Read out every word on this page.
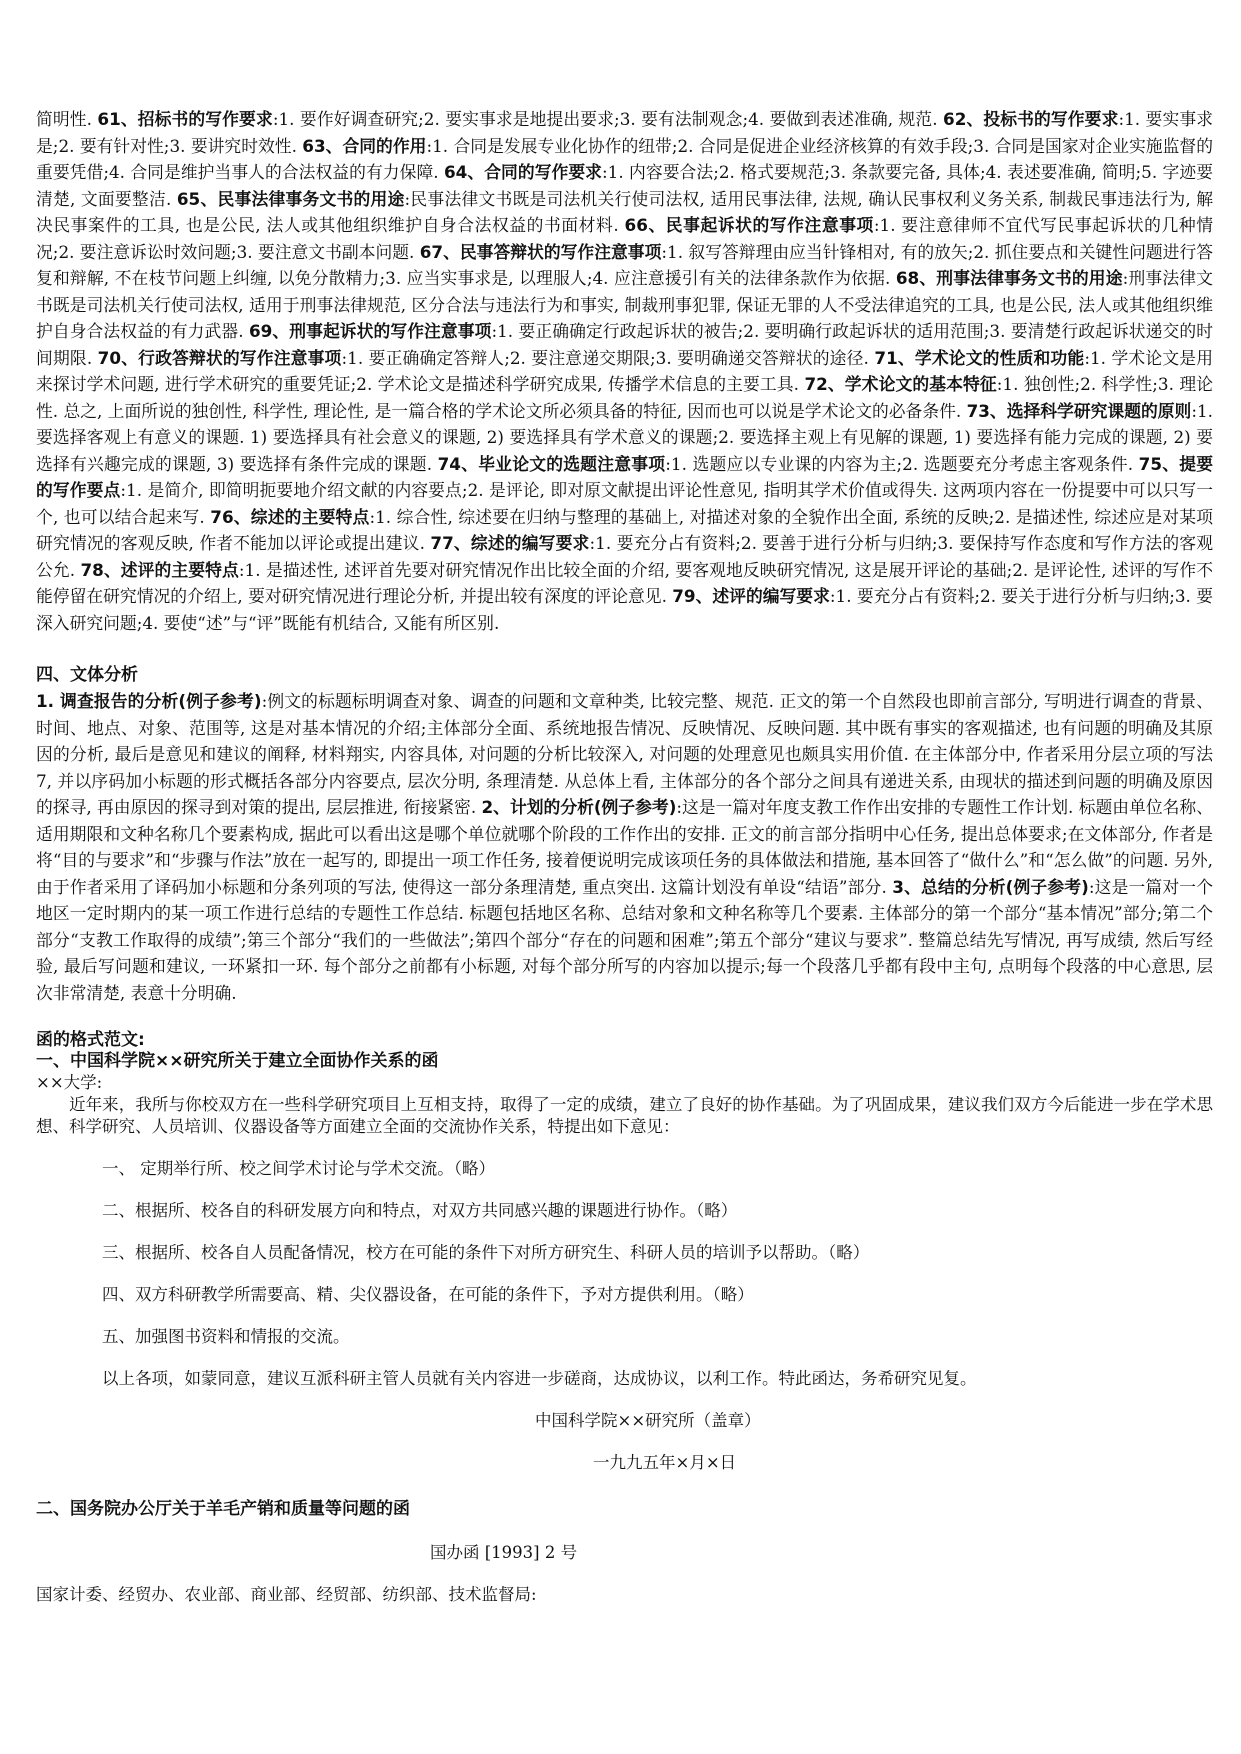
简明性. 61、招标书的写作要求:1. 要作好调查研究;2. 要实事求是地提出要求;3. 要有法制观念;4. 要做到表述准确, 规范. 62、投标书的写作要求:1. 要实事求是;2. 要有针对性;3. 要讲究时效性. 63、合同的作用:1. 合同是发展专业化协作的纽带;2. 合同是促进企业经济核算的有效手段;3. 合同是国家对企业实施监督的重要凭借;4. 合同是维护当事人的合法权益的有力保障. 64、合同的写作要求:1. 内容要合法;2. 格式要规范;3. 条款要完备, 具体;4. 表述要准确, 简明;5. 字迹要清楚, 文面要整洁. 65、民事法律事务文书的用途:民事法律文书既是司法机关行使司法权, 适用民事法律, 法规, 确认民事权利义务关系, 制裁民事违法行为, 解决民事案件的工具, 也是公民, 法人或其他组织维护自身合法权益的书面材料. 66、民事起诉状的写作注意事项:1. 要注意律师不宜代写民事起诉状的几种情况;2. 要注意诉讼时效问题;3. 要注意文书副本问题. 67、民事答辩状的写作注意事项:1. 叙写答辩理由应当针锋相对, 有的放矢;2. 抓住要点和关键性问题进行答复和辩解, 不在枝节问题上纠缠, 以免分散精力;3. 应当实事求是, 以理服人;4. 应注意援引有关的法律条款作为依据. 68、刑事法律事务文书的用途:刑事法律文书既是司法机关行使司法权, 适用于刑事法律规范, 区分合法与违法行为和事实, 制裁刑事犯罪, 保证无罪的人不受法律追究的工具, 也是公民, 法人或其他组织维护自身合法权益的有力武器. 69、刑事起诉状的写作注意事项:1. 要正确确定行政起诉状的被告;2. 要明确行政起诉状的适用范围;3. 要清楚行政起诉状递交的时间期限. 70、行政答辩状的写作注意事项:1. 要正确确定答辩人;2. 要注意递交期限;3. 要明确递交答辩状的途径. 71、学术论文的性质和功能:1. 学术论文是用来探讨学术问题, 进行学术研究的重要凭证;2. 学术论文是描述科学研究成果, 传播学术信息的主要工具. 72、学术论文的基本特征:1. 独创性;2. 科学性;3. 理论性. 总之, 上面所说的独创性, 科学性, 理论性, 是一篇合格的学术论文所必须具备的特征, 因而也可以说是学术论文的必备条件. 73、选择科学研究课题的原则:1. 要选择客观上有意义的课题. 1) 要选择具有社会意义的课题, 2) 要选择具有学术意义的课题;2. 要选择主观上有见解的课题, 1) 要选择有能力完成的课题, 2) 要选择有兴趣完成的课题, 3) 要选择有条件完成的课题. 74、毕业论文的选题注意事项:1. 选题应以专业课的内容为主;2. 选题要充分考虑主客观条件. 75、提要的写作要点:1. 是简介, 即简明扼要地介绍文献的内容要点;2. 是评论, 即对原文献提出评论性意见, 指明其学术价值或得失. 这两项内容在一份提要中可以只写一个, 也可以结合起来写. 76、综述的主要特点:1. 综合性, 综述要在归纳与整理的基础上, 对描述对象的全貌作出全面, 系统的反映;2. 是描述性, 综述应是对某项研究情况的客观反映, 作者不能加以评论或提出建议. 77、综述的编写要求:1. 要充分占有资料;2. 要善于进行分析与归纳;3. 要保持写作态度和写作方法的客观公允. 78、述评的主要特点:1. 是描述性, 述评首先要对研究情况作出比较全面的介绍, 要客观地反映研究情况, 这是展开评论的基础;2. 是评论性, 述评的写作不能停留在研究情况的介绍上, 要对研究情况进行理论分析, 并提出较有深度的评论意见. 79、述评的编写要求:1. 要充分占有资料;2. 要关于进行分析与归纳;3. 要深入研究问题;4. 要使“述”与“评”既能有机结合, 又能有所区别.

四、文体分析

1. 调查报告的分析(例子参考):例文的标题标明调查对象、调查的问题和文章种类, 比较完整、规范. 正文的第一个自然段也即前言部分, 写明进行调查的背景、时间、地点、对象、范围等, 这是对基本情况的介绍;主体部分全面、系统地报告情况、反映情况、反映问题. 其中既有事实的客观描述, 也有问题的明确及其原因的分析, 最后是意见和建议的阐释, 材料翔实, 内容具体, 对问题的分析比较深入, 对问题的处理意见也颇具实用价值. 在主体部分中, 作者采用分层立项的写法 7, 并以序码加小标题的形式概括各部分内容要点, 层次分明, 条理清楚. 从总体上看, 主体部分的各个部分之间具有递进关系, 由现状的描述到问题的明确及原因的探寻, 再由原因的探寻到对策的提出, 层层推进, 衔接紧密. 2、计划的分析(例子参考):这是一篇对年度支教工作作出安排的专题性工作计划. 标题由单位名称、适用期限和文种名称几个要素构成, 据此可以看出这是哪个单位就哪个阶段的工作作出的安排. 正文的前言部分指明中心任务, 提出总体要求;在文体部分, 作者是将“目的与要求”和“步骤与作法”放在一起写的, 即提出一项工作任务, 接着便说明完成该项任务的具体做法和措施, 基本回答了“做什么”和“怎么做”的问题. 另外, 由于作者采用了译码加小标题和分条列项的写法, 使得这一部分条理清楚, 重点突出. 这篇计划没有单设“结语”部分. 3、总结的分析(例子参考):这是一篇对一个地区一定时期内的某一项工作进行总结的专题性工作总结. 标题包括地区名称、总结对象和文种名称等几个要素. 主体部分的第一个部分“基本情况”部分;第二个部分“支教工作取得的成绩”;第三个部分“我们的一些做法”;第四个部分“存在的问题和困难”;第五个部分“建议与要求”. 整篇总结先写情况, 再写成绩, 然后写经验, 最后写问题和建议, 一环紧扣一环. 每个部分之前都有小标题, 对每个部分所写的内容加以提示;每一个段落几乎都有段中主句, 点明每个段落的中心意思, 层次非常清楚, 表意十分明确.

函的格式范文:

一、中国科学院××研究所关于建立全面协作关系的函

××大学:

近年来，我所与你校双方在一些科学研究项目上互相支持，取得了一定的成绩，建立了良好的协作基础。为了巩固成果，建议我们双方今后能进一步在学术思想、科学研究、人员培训、仪器设备等方面建立全面的交流协作关系，特提出如下意见：

一、 定期举行所、校之间学术讨论与学术交流。（略）

二、根据所、校各自的科研发展方向和特点，对双方共同感兴趣的课题进行协作。（略）

三、根据所、校各自人员配备情况，校方在可能的条件下对所方研究生、科研人员的培训予以帮助。（略）

四、双方科研教学所需要高、精、尖仪器设备，在可能的条件下，予对方提供利用。（略）

五、加强图书资料和情报的交流。

以上各项，如蒙同意，建议互派科研主管人员就有关内容进一步磋商，达成协议，以利工作。特此函达，务希研究见复。

中国科学院××研究所（盖章）

一九九五年×月×日

二、国务院办公厅关于羊毛产销和质量等问题的函

国办函 [1993] 2 号

国家计委、经贸办、农业部、商业部、经贸部、纺织部、技术监督局:
